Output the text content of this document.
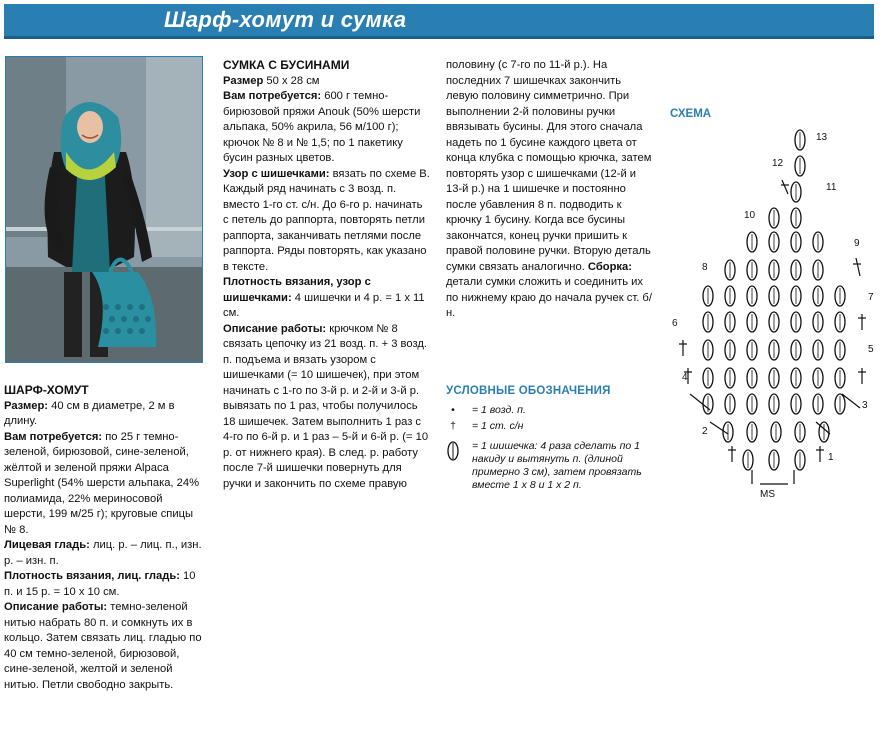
Шарф-хомут и сумка

ШАРФ-ХОМУТ

Размер: 40 см в диаметре, 2 м в длину.

Вам потребуется: по 25 г темно-зеленой, бирюзовой, сине-зеленой, жёлтой и зеленой пряжи Alpaca Superlight (54% шерсти альпака, 24% полиамида, 22% мериносовой шерсти, 199 м/25 г); круговые спицы № 8.

Лицевая гладь: лиц. р. – лиц. п., изн. р. – изн. п.

Плотность вязания, лиц. гладь: 10 п. и 15 р. = 10 х 10 см.

Описание работы: темно-зеленой нитью набрать 80 п. и сомкнуть их в кольцо. Затем связать лиц. гладью по 40 см темно-зеленой, бирюзовой, сине-зеленой, желтой и зеленой нитью. Петли свободно закрыть.

СУМКА С БУСИНАМИ

Размер 50 х 28 см

Вам потребуется: 600 г темно-бирюзовой пряжи Anouk (50% шерсти альпака, 50% акрила, 56 м/100 г); крючок № 8 и № 1,5; по 1 пакетику бусин разных цветов.

Узор с шишечками: вязать по схеме В. Каждый ряд начинать с 3 возд. п. вместо 1-го ст. с/н. До 6-го р. начинать с петель до раппорта, повторять петли раппорта, заканчивать петлями после раппорта. Ряды повторять, как указано в тексте.

Плотность вязания, узор с шишечками: 4 шишечки и 4 р. = 1 х 11 см.

Описание работы: крючком № 8 связать цепочку из 21 возд. п. + 3 возд. п. подъема и вязать узором с шишечками (= 10 шишечек), при этом начинать с 1-го по 3-й р. и 2-й и 3-й р. вывязать по 1 раз, чтобы получилось 18 шишечек. Затем выполнить 1 раз с 4-го по 6-й р. и 1 раз – 5-й и 6-й р. (= 10 р. от нижнего края). В след. р. работу после 7-й шишечки повернуть для ручки и закончить по схеме правую

УСЛОВНЫЕ ОБОЗНАЧЕНИЯ
• = 1 возд. п.
† = 1 ст. с/н
= 1 шишечка: 4 раза сделать по 1 накиду и вытянуть п. (длиной примерно 3 см), затем провязать вместе 1 х 8 и 1 х 2 п.
СХЕМА
1
2
3
4
5
6
7
8
9
10
11
12
13
MS

половину (с 7-го по 11-й р.). На последних 7 шишечках закончить левую половину симметрично. При выполнении 2-й половины ручки ввязывать бусины. Для этого сначала надеть по 1 бусине каждого цвета от конца клубка с помощью крючка, затем повторять узор с шишечками (12-й и 13-й р.) на 1 шишечке и постоянно после убавления 8 п. подводить к крючку 1 бусину. Когда все бусины закончатся, конец ручки пришить к правой половине ручки. Вторую деталь сумки связать аналогично. Сборка: детали сумки сложить и соединить их по нижнему краю до начала ручек ст. б/н.
